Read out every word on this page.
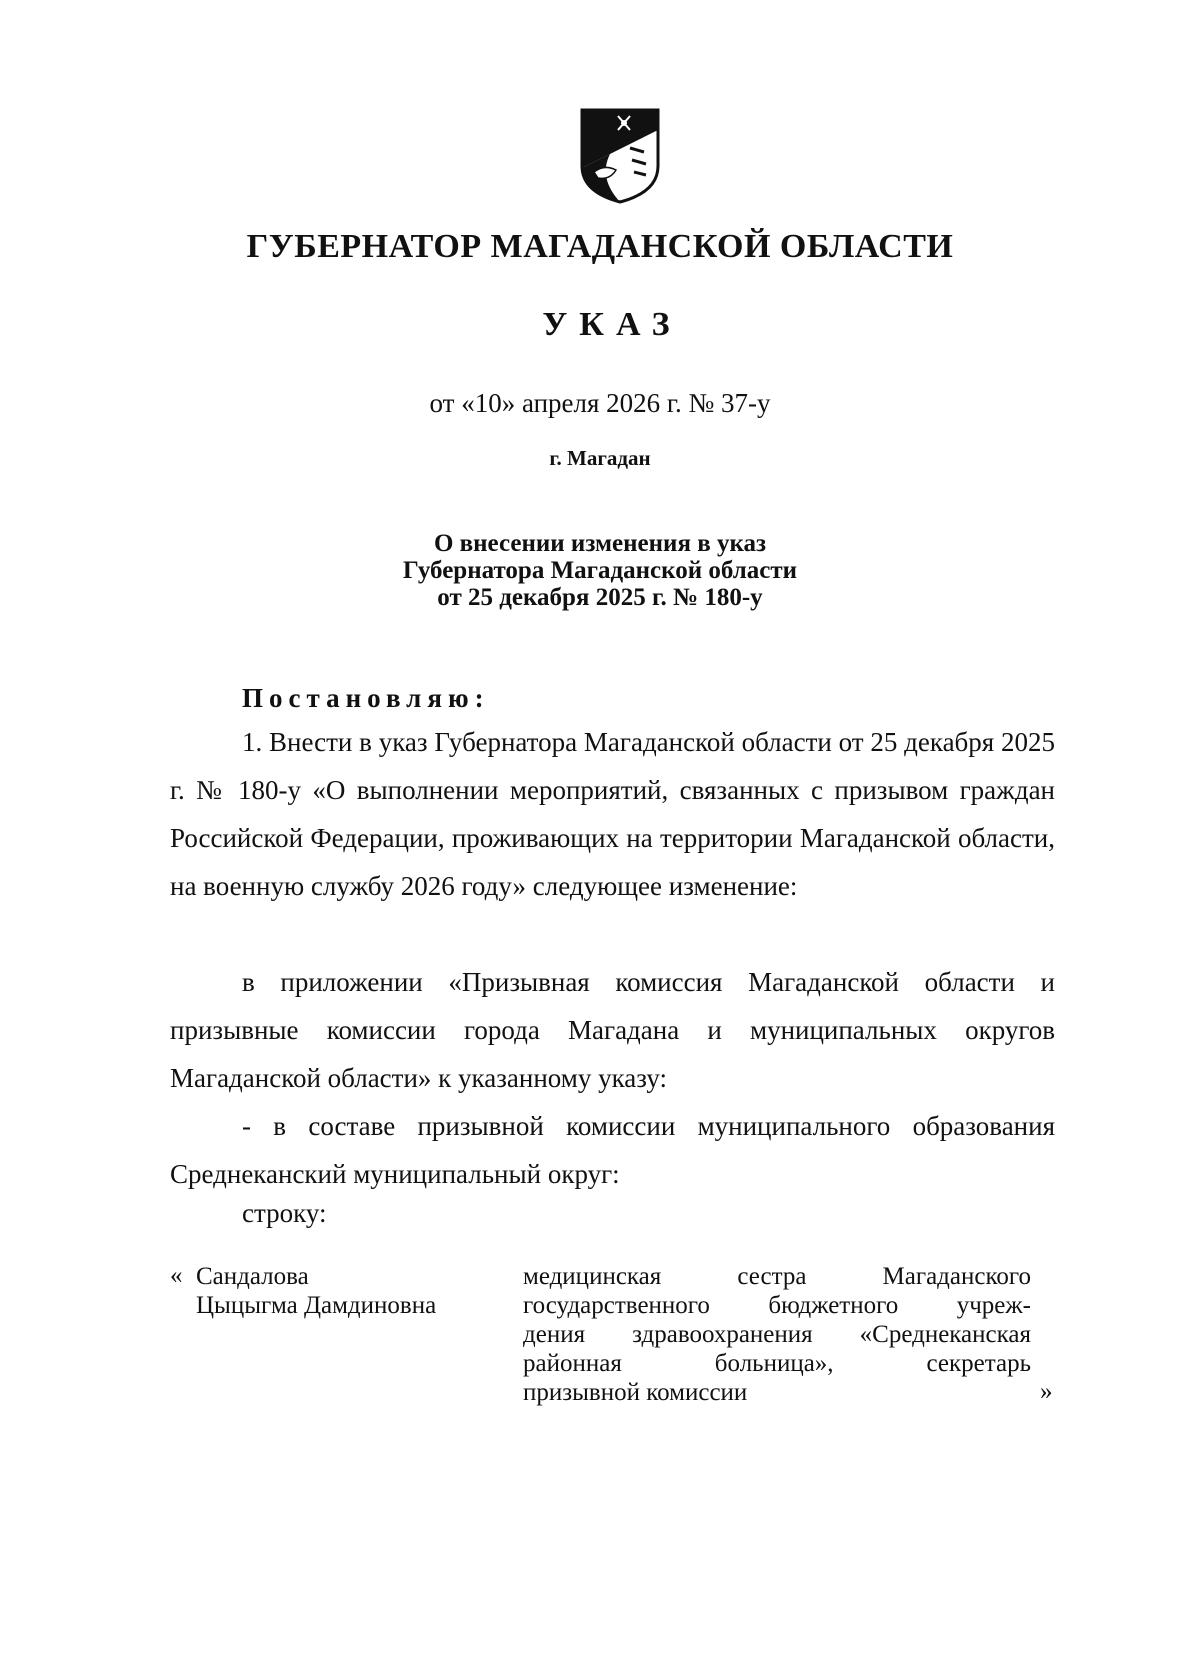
ГУБЕРНАТОР МАГАДАНСКОЙ ОБЛАСТИ
УКАЗ
от «10» апреля 2026 г. № 37-у
г. Магадан
О внесении изменения в указ
Губернатора Магаданской области
от 25 декабря 2025 г. № 180-у
Постановляю:
1. Внести в указ Губернатора Магаданской области от 25 декабря 2025 г. № 180-у «О выполнении мероприятий, связанных с призывом граждан Российской Федерации, проживающих на территории Магаданской области, на военную службу 2026 году» следующее изменение:
в приложении «Призывная комиссия Магаданской области и призывные комиссии города Магадана и муниципальных округов Магаданской области» к указанному указу:
- в составе призывной комиссии муниципального образования Среднеканский муниципальный округ:
строку:
« Сандалова
Цыцыгма Дамдиновна
медицинская сестра Магаданского
государственного бюджетного учреж-
дения здравоохранения «Среднеканская
районная больница», секретарь
призывной комиссии	»
